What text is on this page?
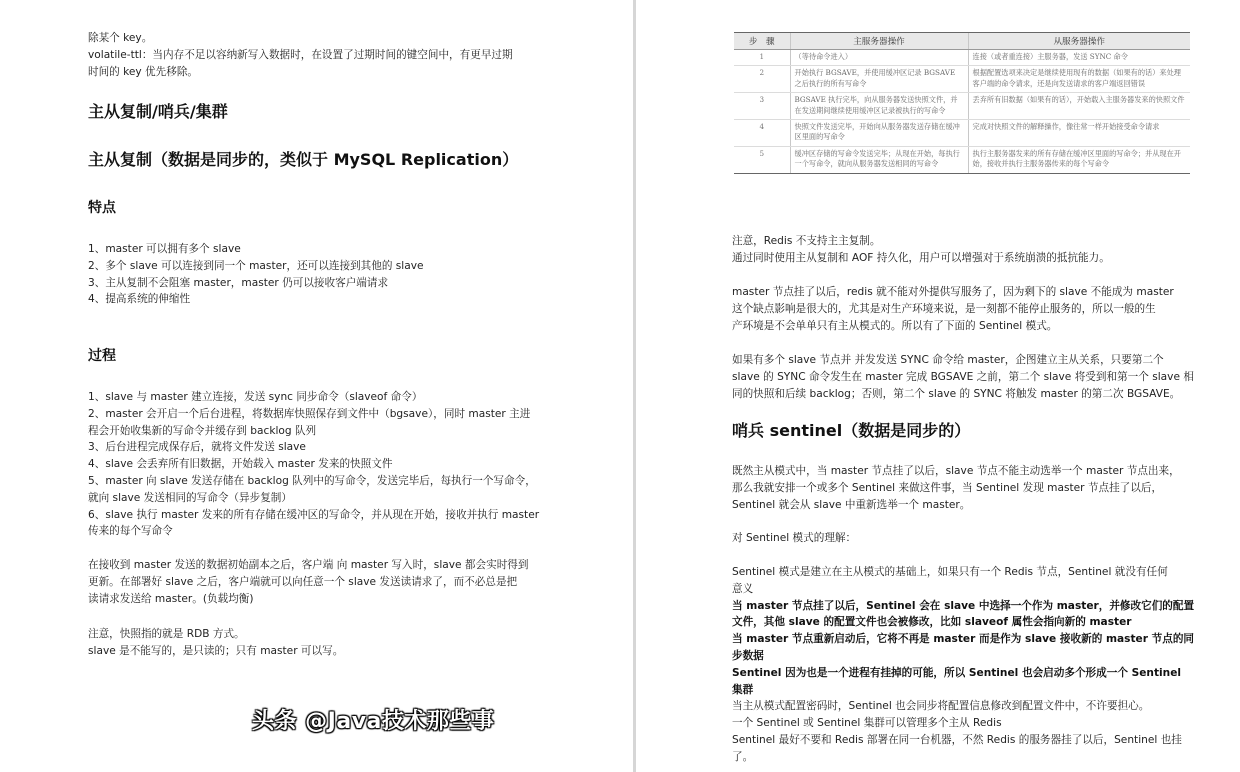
除某个 key。

volatile-ttl：当内存不足以容纳新写入数据时，在设置了过期时间的键空间中，有更早过期

时间的 key 优先移除。

主从复制/哨兵/集群
主从复制（数据是同步的，类似于 MySQL Replication）
特点

1、master 可以拥有多个 slave

2、多个 slave 可以连接到同一个 master，还可以连接到其他的 slave

3、主从复制不会阻塞 master，master 仍可以接收客户端请求

4、提高系统的伸缩性

过程

1、slave 与 master 建立连接，发送 sync 同步命令（slaveof 命令）

2、master 会开启一个后台进程，将数据库快照保存到文件中（bgsave），同时 master 主进

程会开始收集新的写命令并缓存到 backlog 队列

3、后台进程完成保存后，就将文件发送 slave

4、slave 会丢弃所有旧数据，开始载入 master 发来的快照文件

5、master 向 slave 发送存储在 backlog 队列中的写命令，发送完毕后，每执行一个写命令，

就向 slave 发送相同的写命令（异步复制）

6、slave 执行 master 发来的所有存储在缓冲区的写命令，并从现在开始，接收并执行 master

传来的每个写命令

在接收到 master 发送的数据初始副本之后，客户端 向 master 写入时，slave 都会实时得到

更新。在部署好 slave 之后，客户端就可以向任意一个 slave 发送读请求了，而不必总是把

读请求发送给 master。(负载均衡)

注意，快照指的就是 RDB 方式。

slave 是不能写的，是只读的；只有 master 可以写。

步　骤	主服务器操作	从服务器操作
1	（等待命令进入）	连接（或者重连接）主服务器，发送 SYNC 命令
2	开始执行 BGSAVE，并使用缓冲区记录 BGSAVE 之后执行的所有写命令	根据配置选项来决定是继续使用现有的数据（如果有的话）来处理客户端的命令请求，还是向发送请求的客户端返回错误
3	BGSAVE 执行完毕，向从服务器发送快照文件，并在发送期间继续使用缓冲区记录被执行的写命令	丢弃所有旧数据（如果有的话），开始载入主服务器发来的快照文件
4	快照文件发送完毕，开始向从服务器发送存储在缓冲区里面的写命令	完成对快照文件的解释操作，像往常一样开始接受命令请求
5	缓冲区存储的写命令发送完毕；从现在开始，每执行一个写命令，就向从服务器发送相同的写命令	执行主服务器发来的所有存储在缓冲区里面的写命令；并从现在开始，接收并执行主服务器传来的每个写命令

注意，Redis 不支持主主复制。

通过同时使用主从复制和 AOF 持久化，用户可以增强对于系统崩溃的抵抗能力。

master 节点挂了以后，redis 就不能对外提供写服务了，因为剩下的 slave 不能成为 master

这个缺点影响是很大的，尤其是对生产环境来说，是一刻都不能停止服务的，所以一般的生

产环境是不会单单只有主从模式的。所以有了下面的 Sentinel 模式。

如果有多个 slave 节点并 并发发送 SYNC 命令给 master，企图建立主从关系，只要第二个

slave 的 SYNC 命令发生在 master 完成 BGSAVE 之前，第二个 slave 将受到和第一个 slave 相

同的快照和后续 backlog；否则，第二个 slave 的 SYNC 将触发 master 的第二次 BGSAVE。

哨兵 sentinel（数据是同步的）

既然主从模式中，当 master 节点挂了以后，slave 节点不能主动选举一个 master 节点出来，

那么我就安排一个或多个 Sentinel 来做这件事，当 Sentinel 发现 master 节点挂了以后，

Sentinel 就会从 slave 中重新选举一个 master。

对 Sentinel 模式的理解：

Sentinel 模式是建立在主从模式的基础上，如果只有一个 Redis 节点，Sentinel 就没有任何

意义

当 master 节点挂了以后，Sentinel 会在 slave 中选择一个作为 master，并修改它们的配置

文件，其他 slave 的配置文件也会被修改，比如 slaveof 属性会指向新的 master

当 master 节点重新启动后，它将不再是 master 而是作为 slave 接收新的 master 节点的同

步数据

Sentinel 因为也是一个进程有挂掉的可能，所以 Sentinel 也会启动多个形成一个 Sentinel

集群

当主从模式配置密码时，Sentinel 也会同步将配置信息修改到配置文件中，不许要担心。

一个 Sentinel 或 Sentinel 集群可以管理多个主从 Redis

Sentinel 最好不要和 Redis 部署在同一台机器，不然 Redis 的服务器挂了以后，Sentinel 也挂

了。

头条 @Java技术那些事
